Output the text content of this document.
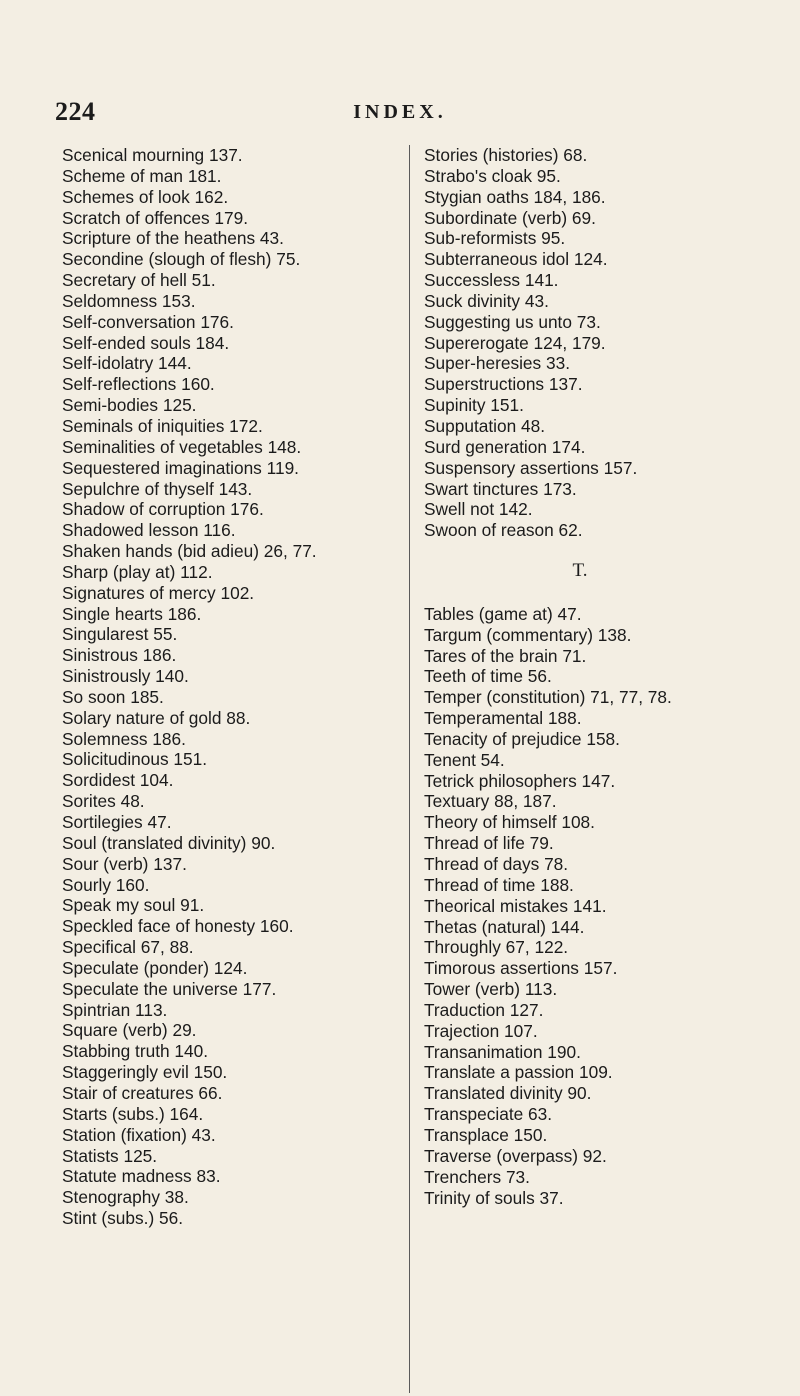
224	INDEX.
Scenical mourning 137.
Scheme of man 181.
Schemes of look 162.
Scratch of offences 179.
Scripture of the heathens 43.
Secondine (slough of flesh) 75.
Secretary of hell 51.
Seldomness 153.
Self-conversation 176.
Self-ended souls 184.
Self-idolatry 144.
Self-reflections 160.
Semi-bodies 125.
Seminals of iniquities 172.
Seminalities of vegetables 148.
Sequestered imaginations 119.
Sepulchre of thyself 143.
Shadow of corruption 176.
Shadowed lesson 116.
Shaken hands (bid adieu) 26, 77.
Sharp (play at) 112.
Signatures of mercy 102.
Single hearts 186.
Singularest 55.
Sinistrous 186.
Sinistrously 140.
So soon 185.
Solary nature of gold 88.
Solemness 186.
Solicitudinous 151.
Sordidest 104.
Sorites 48.
Sortilegies 47.
Soul (translated divinity) 90.
Sour (verb) 137.
Sourly 160.
Speak my soul 91.
Speckled face of honesty 160.
Specifical 67, 88.
Speculate (ponder) 124.
Speculate the universe 177.
Spintrian 113.
Square (verb) 29.
Stabbing truth 140.
Staggeringly evil 150.
Stair of creatures 66.
Starts (subs.) 164.
Station (fixation) 43.
Statists 125.
Statute madness 83.
Stenography 38.
Stint (subs.) 56.
Stories (histories) 68.
Strabo's cloak 95.
Stygian oaths 184, 186.
Subordinate (verb) 69.
Sub-reformists 95.
Subterraneous idol 124.
Successless 141.
Suck divinity 43.
Suggesting us unto 73.
Supererogate 124, 179.
Super-heresies 33.
Superstructions 137.
Supinity 151.
Supputation 48.
Surd generation 174.
Suspensory assertions 157.
Swart tinctures 173.
Swell not 142.
Swoon of reason 62.
T.
Tables (game at) 47.
Targum (commentary) 138.
Tares of the brain 71.
Teeth of time 56.
Temper (constitution) 71, 77, 78.
Temperamental 188.
Tenacity of prejudice 158.
Tenent 54.
Tetrick philosophers 147.
Textuary 88, 187.
Theory of himself 108.
Thread of life 79.
Thread of days 78.
Thread of time 188.
Theorical mistakes 141.
Thetas (natural) 144.
Throughly 67, 122.
Timorous assertions 157.
Tower (verb) 113.
Traduction 127.
Trajection 107.
Transanimation 190.
Translate a passion 109.
Translated divinity 90.
Transpeciate 63.
Transplace 150.
Traverse (overpass) 92.
Trenchers 73.
Trinity of souls 37.
